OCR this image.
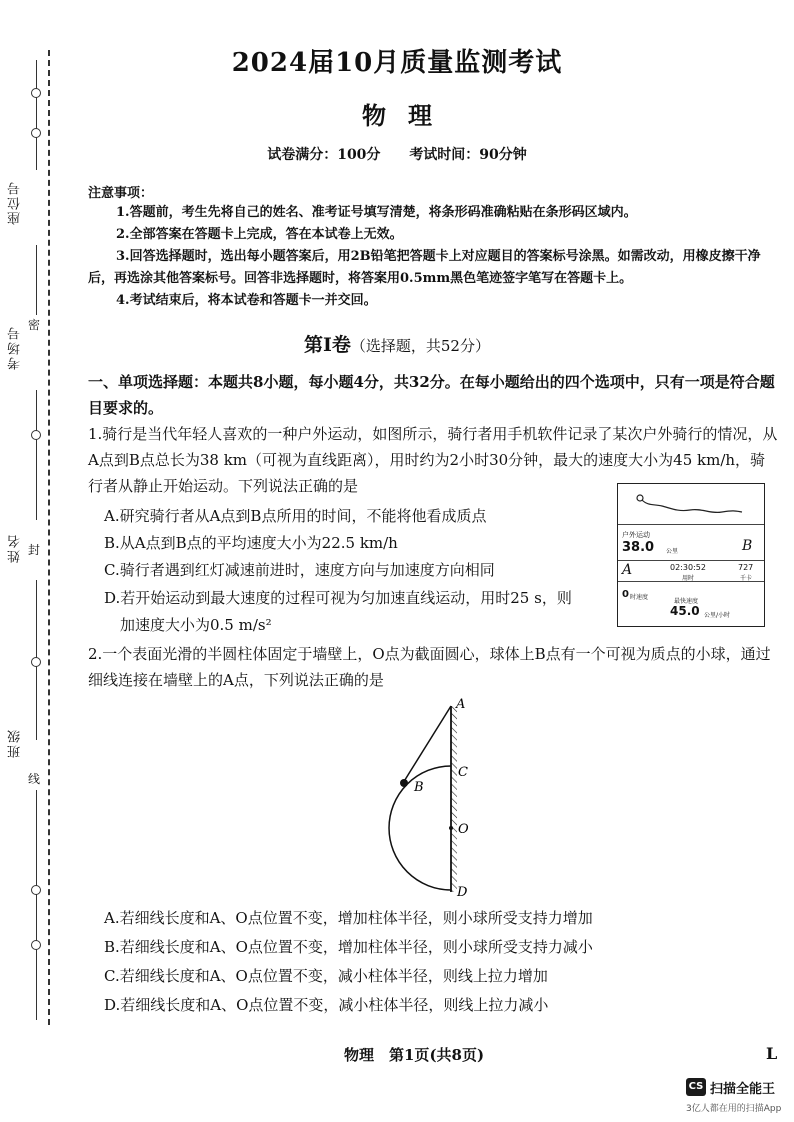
座位号
考场号
姓名
班级
密
封
线
2024届10月质量监测考试
物理
试卷满分：100分 考试时间：90分钟
注意事项：

1.答题前，考生先将自己的姓名、准考证号填写清楚，将条形码准确粘贴在条形码区域内。

2.全部答案在答题卡上完成，答在本试卷上无效。

3.回答选择题时，选出每小题答案后，用2B铅笔把答题卡上对应题目的答案标号涂黑。如需改动，用橡皮擦干净后，再选涂其他答案标号。回答非选择题时，将答案用0.5mm黑色笔迹签字笔写在答题卡上。

4.考试结束后，将本试卷和答题卡一并交回。

第Ⅰ卷（选择题，共52分）
一、单项选择题：本题共8小题，每小题4分，共32分。在每小题给出的四个选项中，只有一项是符合题目要求的。
1.骑行是当代年轻人喜欢的一种户外运动，如图所示，骑行者用手机软件记录了某次户外骑行的情况，从A点到B点总长为38 km（可视为直线距离），用时约为2小时30分钟，最大的速度大小为45 km/h，骑行者从静止开始运动。下列说法正确的是
A.研究骑行者从A点到B点所用的时间，不能将他看成质点
B.从A点到B点的平均速度大小为22.5 km/h
C.骑行者遇到红灯减速前进时，速度方向与加速度方向相同
D.若开始运动到最大速度的过程可视为匀加速直线运动，用时25 s，则
加速度大小为0.5 m/s²
户外运动
38.0 公里	B
A	02:30:52
用时
727
千卡
0 时速度
最快速度
45.0 公里/小时
2.一个表面光滑的半圆柱体固定于墙壁上，O点为截面圆心，球体上B点有一个可视为质点的小球，通过细线连接在墙壁上的A点，下列说法正确的是
A
C
O
D
B
A.若细线长度和A、O点位置不变，增加柱体半径，则小球所受支持力增加
B.若细线长度和A、O点位置不变，增加柱体半径，则小球所受支持力减小
C.若细线长度和A、O点位置不变，减小柱体半径，则线上拉力增加
D.若细线长度和A、O点位置不变，减小柱体半径，则线上拉力减小
物理　第1页(共8页)	L
CS 扫描全能王
3亿人都在用的扫描App
